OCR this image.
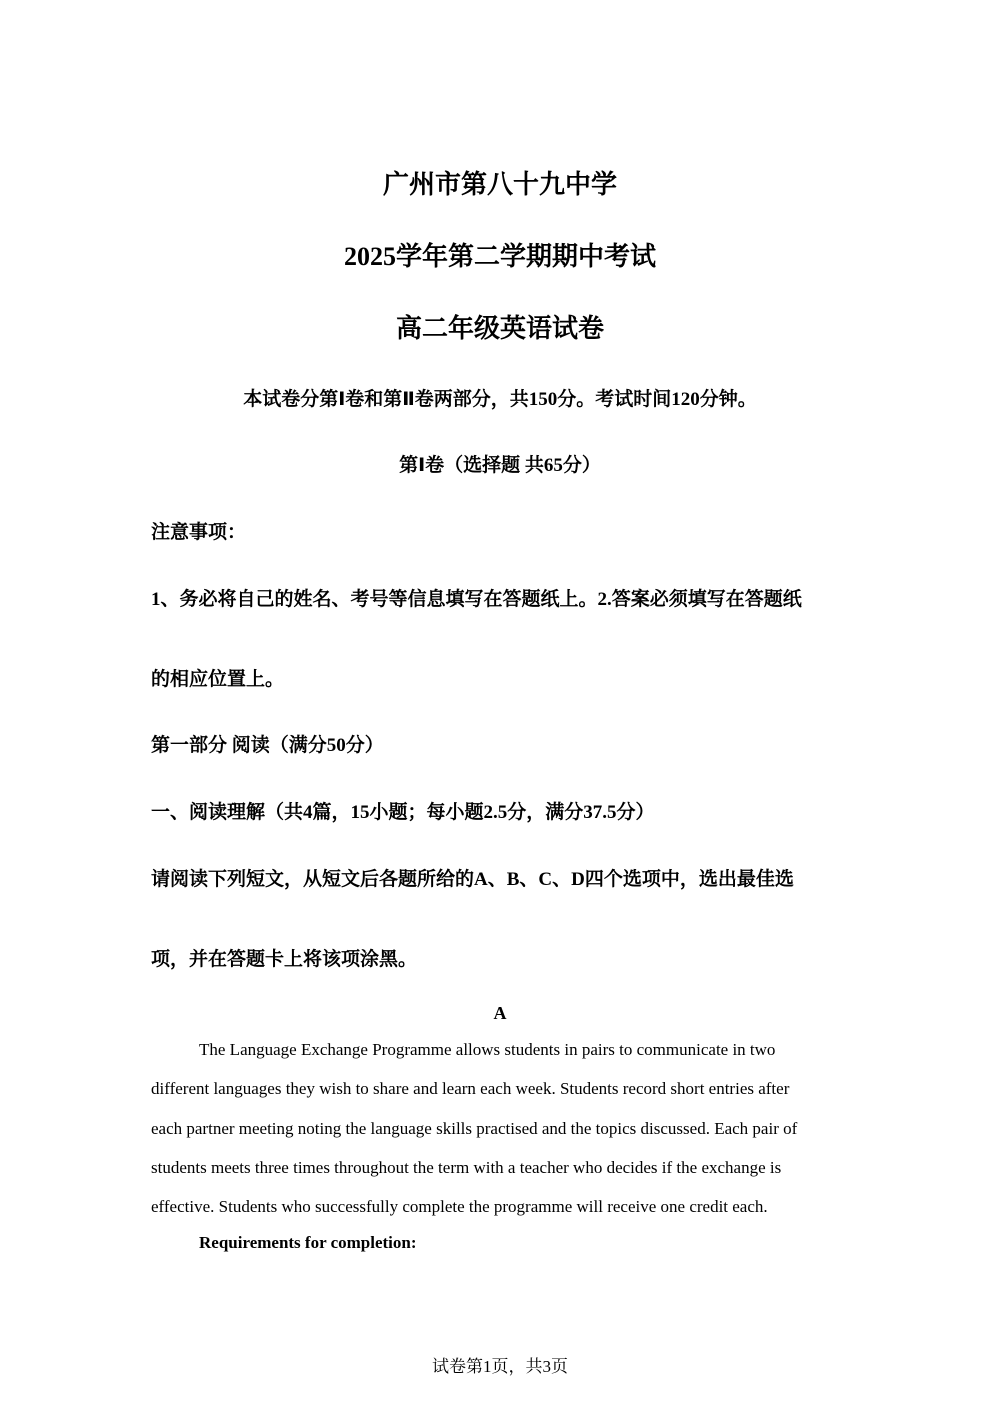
广州市第八十九中学
2025学年第二学期期中考试
高二年级英语试卷
本试卷分第Ⅰ卷和第Ⅱ卷两部分，共150分。考试时间120分钟。
第Ⅰ卷（选择题 共65分）
注意事项：
1、务必将自己的姓名、考号等信息填写在答题纸上。2.答案必须填写在答题纸
的相应位置上。
第一部分 阅读（满分50分）
一、阅读理解（共4篇，15小题；每小题2.5分，满分37.5分）
请阅读下列短文，从短文后各题所给的A、B、C、D四个选项中，选出最佳选
项，并在答题卡上将该项涂黑。
A
The Language Exchange Programme allows students in pairs to communicate in two
different languages they wish to share and learn each week. Students record short entries after
each partner meeting noting the language skills practised and the topics discussed. Each pair of
students meets three times throughout the term with a teacher who decides if the exchange is
effective. Students who successfully complete the programme will receive one credit each.
Requirements for completion:
试卷第1页，共3页
